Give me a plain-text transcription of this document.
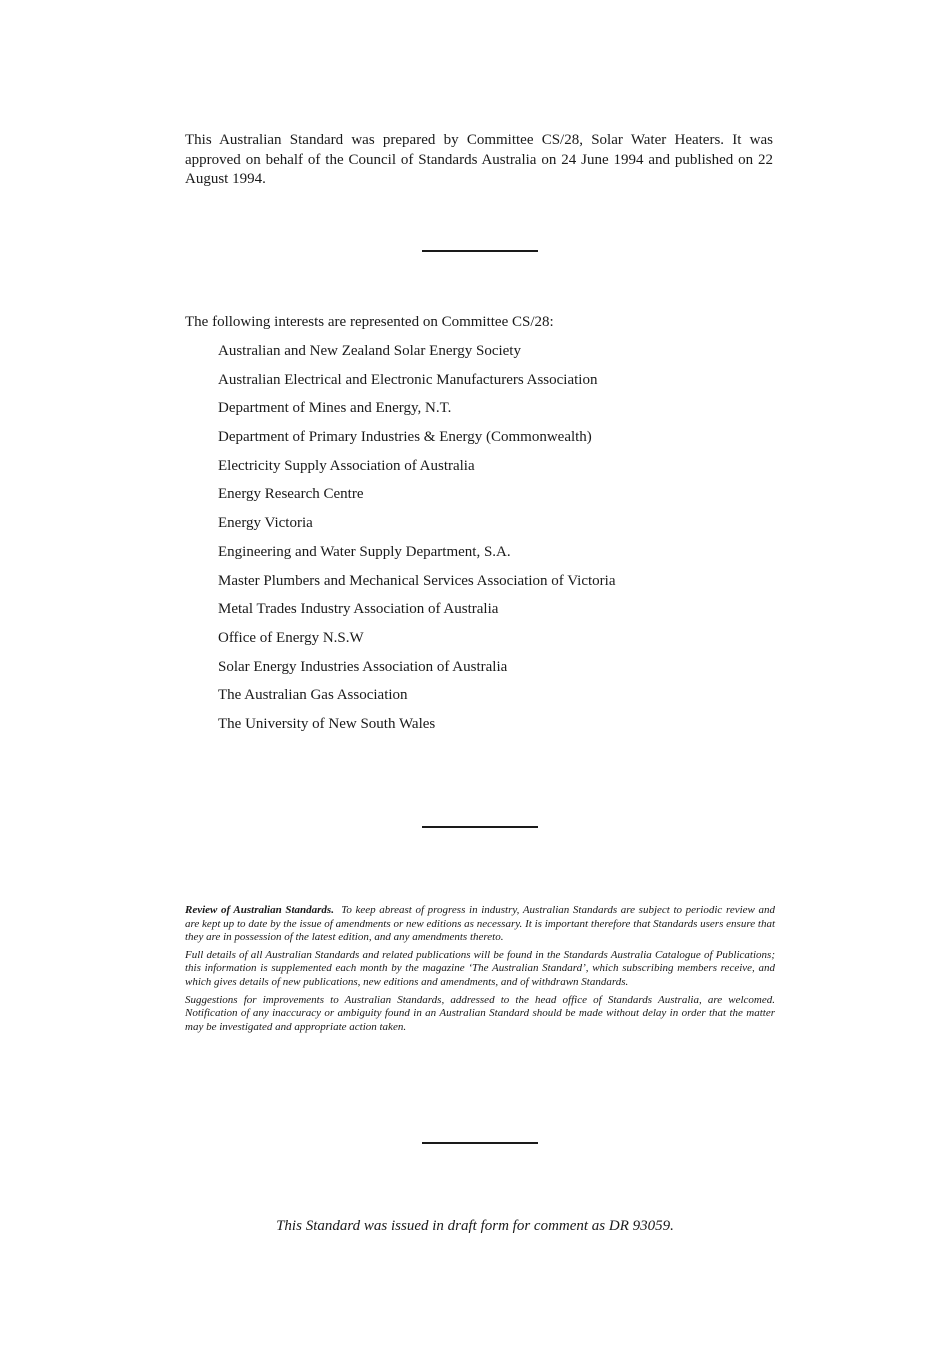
This Australian Standard was prepared by Committee CS/28, Solar Water Heaters. It was approved on behalf of the Council of Standards Australia on 24 June 1994 and published on 22 August 1994.

The following interests are represented on Committee CS/28:

Australian and New Zealand Solar Energy Society
Australian Electrical and Electronic Manufacturers Association
Department of Mines and Energy, N.T.
Department of Primary Industries & Energy (Commonwealth)
Electricity Supply Association of Australia
Energy Research Centre
Energy Victoria
Engineering and Water Supply Department, S.A.
Master Plumbers and Mechanical Services Association of Victoria
Metal Trades Industry Association of Australia
Office of Energy N.S.W
Solar Energy Industries Association of Australia
The Australian Gas Association
The University of New South Wales

Review of Australian Standards. To keep abreast of progress in industry, Australian Standards are subject to periodic review and are kept up to date by the issue of amendments or new editions as necessary. It is important therefore that Standards users ensure that they are in possession of the latest edition, and any amendments thereto.

Full details of all Australian Standards and related publications will be found in the Standards Australia Catalogue of Publications; this information is supplemented each month by the magazine ‘The Australian Standard’, which subscribing members receive, and which gives details of new publications, new editions and amendments, and of withdrawn Standards.

Suggestions for improvements to Australian Standards, addressed to the head office of Standards Australia, are welcomed. Notification of any inaccuracy or ambiguity found in an Australian Standard should be made without delay in order that the matter may be investigated and appropriate action taken.

This Standard was issued in draft form for comment as DR 93059.
